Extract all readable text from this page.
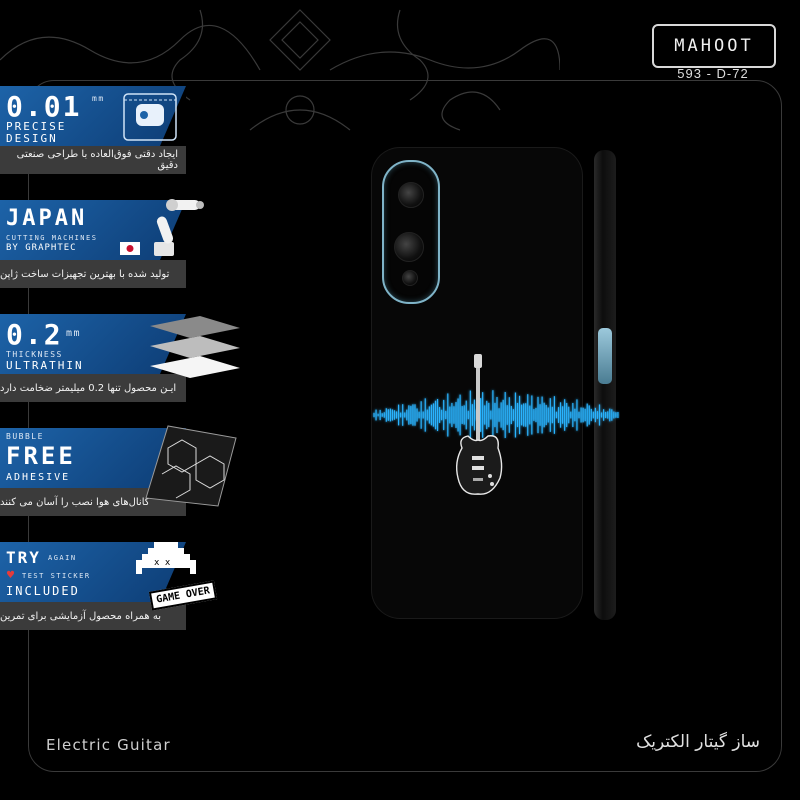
MAHOOT
593 - D-72
0.01 mm
PRECISE
DESIGN
ایجاد دقتی فوق‌العاده با طراحی صنعتی دقیق
JAPAN
CUTTING MACHINES
BY GRAPHTEC
تولید شده با بهترین تجهیزات ساخت ژاپن
0.2 mm
THICKNESS
ULTRATHIN
ایـن محصول تنها 0.2 میلیمتر ضخامت دارد
BUBBLE
FREE
ADHESIVE
کانال‌های هوا نصب را آسان می کنند
TRY AGAIN
♥ TEST STICKER
INCLUDED
به همراه محصول آزمایشی برای تمرین
x x
GAME OVER
Electric Guitar	ساز گیتار الکتریک
